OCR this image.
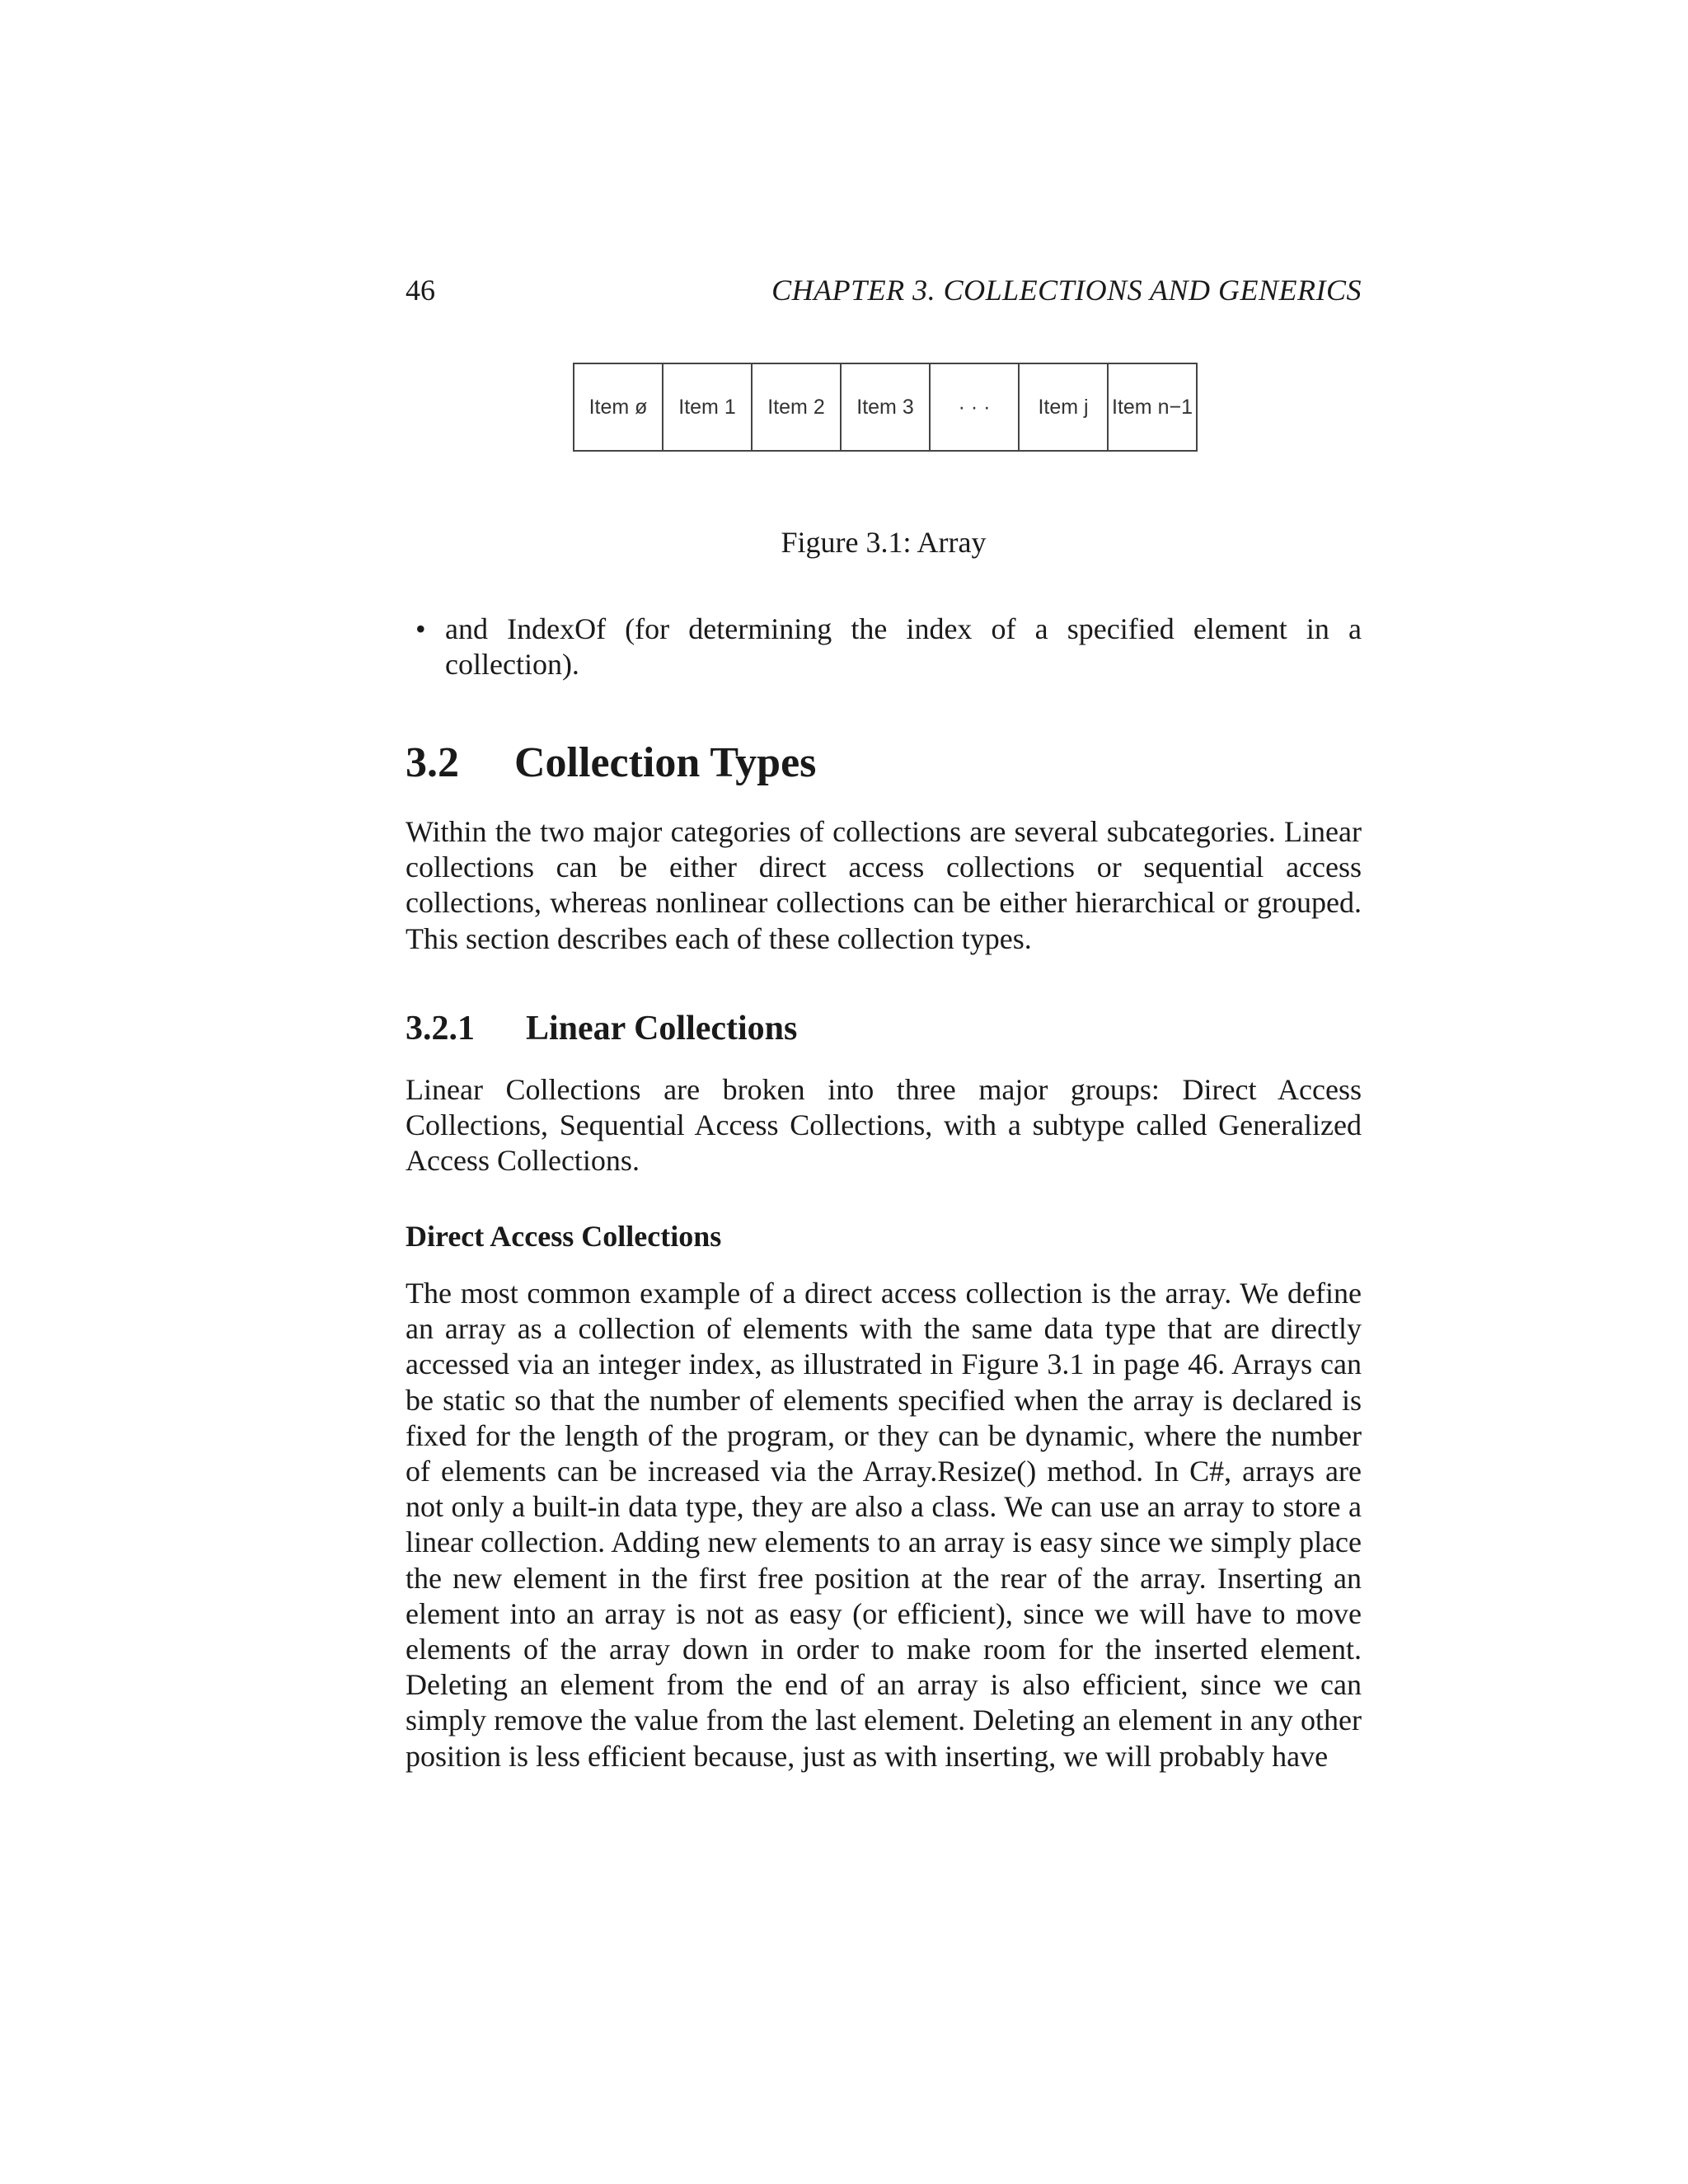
46	CHAPTER 3. COLLECTIONS AND GENERICS
Item ø	Item 1	Item 2	Item 3	· · ·	Item j	Item n−1
Figure 3.1: Array
• and IndexOf (for determining the index of a specified element in a collection).
3.2 Collection Types
Within the two major categories of collections are several subcategories. Linear collections can be either direct access collections or sequential access collections, whereas nonlinear collections can be either hierarchical or grouped. This section describes each of these collection types.
3.2.1 Linear Collections
Linear Collections are broken into three major groups: Direct Access Collections, Sequential Access Collections, with a subtype called Generalized Access Collections.
Direct Access Collections
The most common example of a direct access collection is the array. We define an array as a collection of elements with the same data type that are directly accessed via an integer index, as illustrated in Figure 3.1 in page 46. Arrays can be static so that the number of elements specified when the array is declared is fixed for the length of the program, or they can be dynamic, where the number of elements can be increased via the Array.Resize() method. In C#, arrays are not only a built-in data type, they are also a class. We can use an array to store a linear collection. Adding new elements to an array is easy since we simply place the new element in the first free position at the rear of the array. Inserting an element into an array is not as easy (or efficient), since we will have to move elements of the array down in order to make room for the inserted element. Deleting an element from the end of an array is also efficient, since we can simply remove the value from the last element. Deleting an element in any other position is less efficient because, just as with inserting, we will probably have
